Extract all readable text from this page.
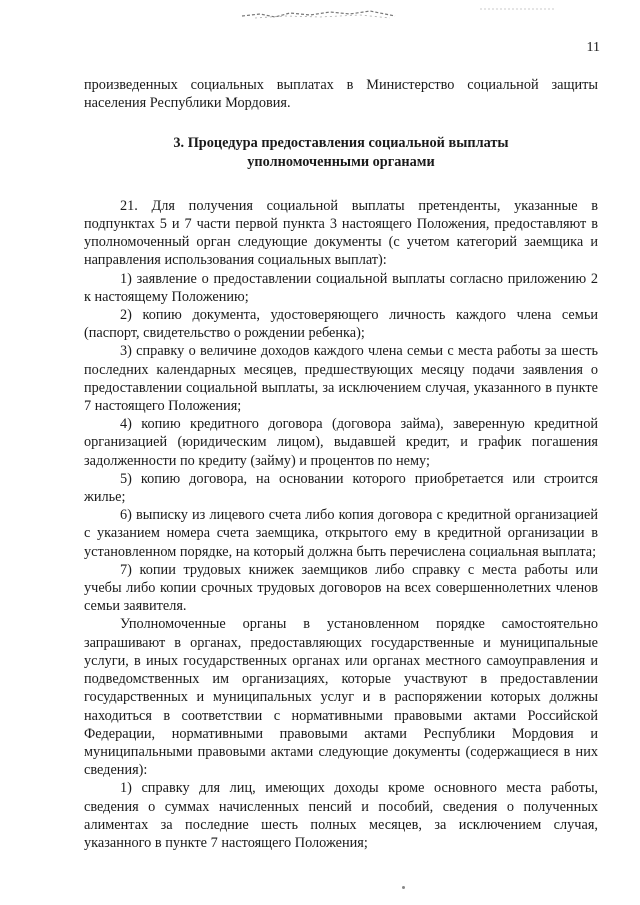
11

произведенных социальных выплатах в Министерство социальной защиты населения Республики Мордовия.

3. Процедура предоставления социальной выплаты
уполномоченными органами

21. Для получения социальной выплаты претенденты, указанные в подпунктах 5 и 7 части первой пункта 3 настоящего Положения, предоставляют в уполномоченный орган следующие документы (с учетом категорий заемщика и направления использования социальных выплат):

1) заявление о предоставлении социальной выплаты согласно приложению 2 к настоящему Положению;

2) копию документа, удостоверяющего личность каждого члена семьи (паспорт, свидетельство о рождении ребенка);

3) справку о величине доходов каждого члена семьи с места работы за шесть последних календарных месяцев, предшествующих месяцу подачи заявления о предоставлении социальной выплаты, за исключением случая, указанного в пункте 7 настоящего Положения;

4) копию кредитного договора (договора займа), заверенную кредитной организацией (юридическим лицом), выдавшей кредит, и график погашения задолженности по кредиту (займу) и процентов по нему;

5) копию договора, на основании которого приобретается или строится жилье;

6) выписку из лицевого счета либо копия договора с кредитной организацией с указанием номера счета заемщика, открытого ему в кредитной организации в установленном порядке, на который должна быть перечислена социальная выплата;

7) копии трудовых книжек заемщиков либо справку с места работы или учебы либо копии срочных трудовых договоров на всех совершеннолетних членов семьи заявителя.

Уполномоченные органы в установленном порядке самостоятельно запрашивают в органах, предоставляющих государственные и муниципальные услуги, в иных государственных органах или органах местного самоуправления и подведомственных им организациях, которые участвуют в предоставлении государственных и муниципальных услуг и в распоряжении которых должны находиться в соответствии с нормативными правовыми актами Российской Федерации, нормативными правовыми актами Республики Мордовия и муниципальными правовыми актами следующие документы (содержащиеся в них сведения):

1) справку для лиц, имеющих доходы кроме основного места работы, сведения о суммах начисленных пенсий и пособий, сведения о полученных алиментах за последние шесть полных месяцев, за исключением случая, указанного в пункте 7 настоящего Положения;
